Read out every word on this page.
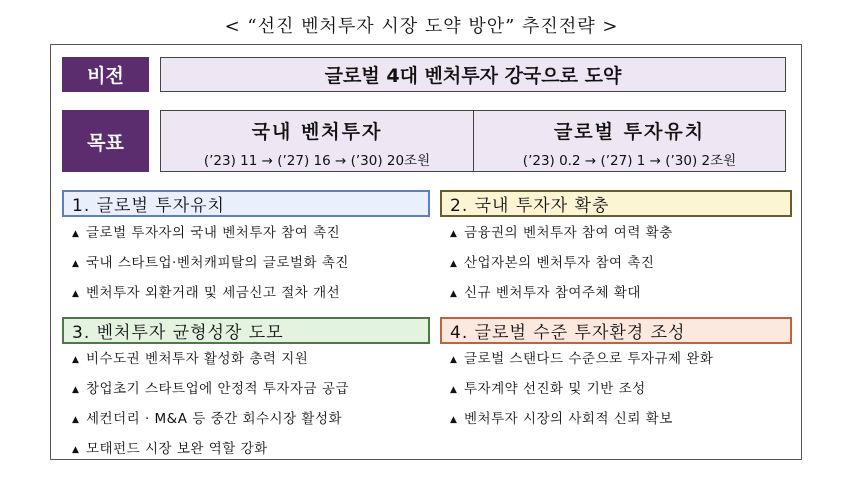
< “선진 벤처투자 시장 도약 방안” 추진전략 >
비전	글로벌 4대 벤처투자 강국으로 도약
목표	국내 벤처투자
(’23) 11 → (’27) 16 → (’30) 20조원
글로벌 투자유치
(’23) 0.2 → (’27) 1 → (’30) 2조원
1. 글로벌 투자유치
▲ 글로벌 투자자의 국내 벤처투자 참여 촉진
▲ 국내 스타트업·벤처캐피탈의 글로벌화 촉진
▲ 벤처투자 외환거래 및 세금신고 절차 개선
2. 국내 투자자 확충
▲ 금융권의 벤처투자 참여 여력 확충
▲ 산업자본의 벤처투자 참여 촉진
▲ 신규 벤처투자 참여주체 확대
3. 벤처투자 균형성장 도모
▲ 비수도권 벤처투자 활성화 총력 지원
▲ 창업초기 스타트업에 안정적 투자자금 공급
▲ 세컨더리 · M&A 등 중간 회수시장 활성화
▲ 모태펀드 시장 보완 역할 강화
4. 글로벌 수준 투자환경 조성
▲ 글로벌 스탠다드 수준으로 투자규제 완화
▲ 투자계약 선진화 및 기반 조성
▲ 벤처투자 시장의 사회적 신뢰 확보
